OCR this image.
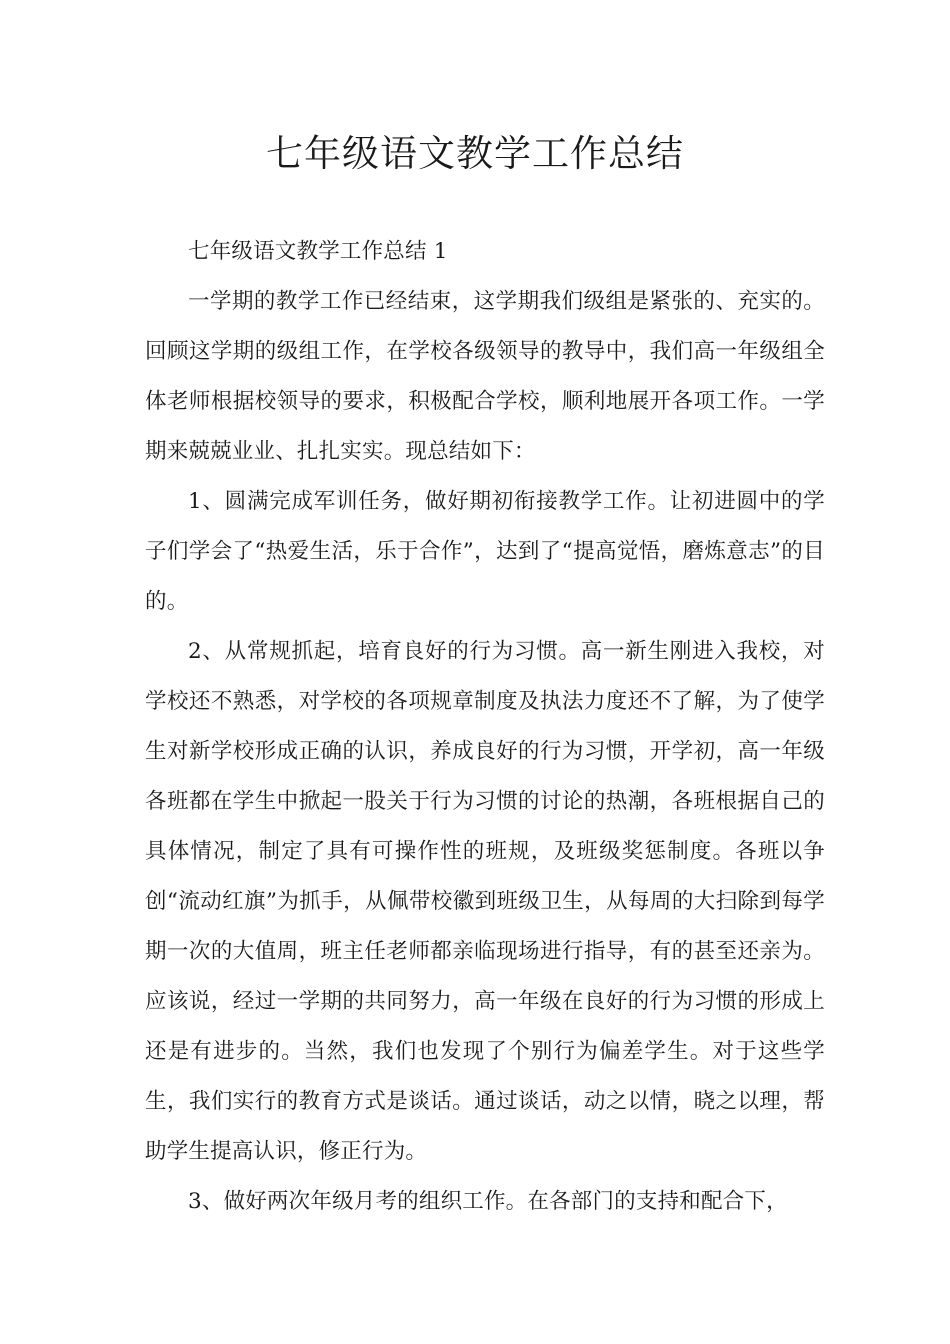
七年级语文教学工作总结

七年级语文教学工作总结 1

一学期的教学工作已经结束，这学期我们级组是紧张的、充实的。回顾这学期的级组工作，在学校各级领导的教导中，我们高一年级组全体老师根据校领导的要求，积极配合学校，顺利地展开各项工作。一学期来兢兢业业、扎扎实实。现总结如下：

1、圆满完成军训任务，做好期初衔接教学工作。让初进圆中的学子们学会了“热爱生活，乐于合作”，达到了“提高觉悟，磨炼意志”的目的。

2、从常规抓起，培育良好的行为习惯。高一新生刚进入我校，对学校还不熟悉，对学校的各项规章制度及执法力度还不了解，为了使学生对新学校形成正确的认识，养成良好的行为习惯，开学初，高一年级各班都在学生中掀起一股关于行为习惯的讨论的热潮，各班根据自己的具体情况，制定了具有可操作性的班规，及班级奖惩制度。各班以争创“流动红旗”为抓手，从佩带校徽到班级卫生，从每周的大扫除到每学期一次的大值周，班主任老师都亲临现场进行指导，有的甚至还亲为。应该说，经过一学期的共同努力，高一年级在良好的行为习惯的形成上还是有进步的。当然，我们也发现了个别行为偏差学生。对于这些学生，我们实行的教育方式是谈话。通过谈话，动之以情，晓之以理，帮助学生提高认识，修正行为。

3、做好两次年级月考的组织工作。在各部门的支持和配合下，
